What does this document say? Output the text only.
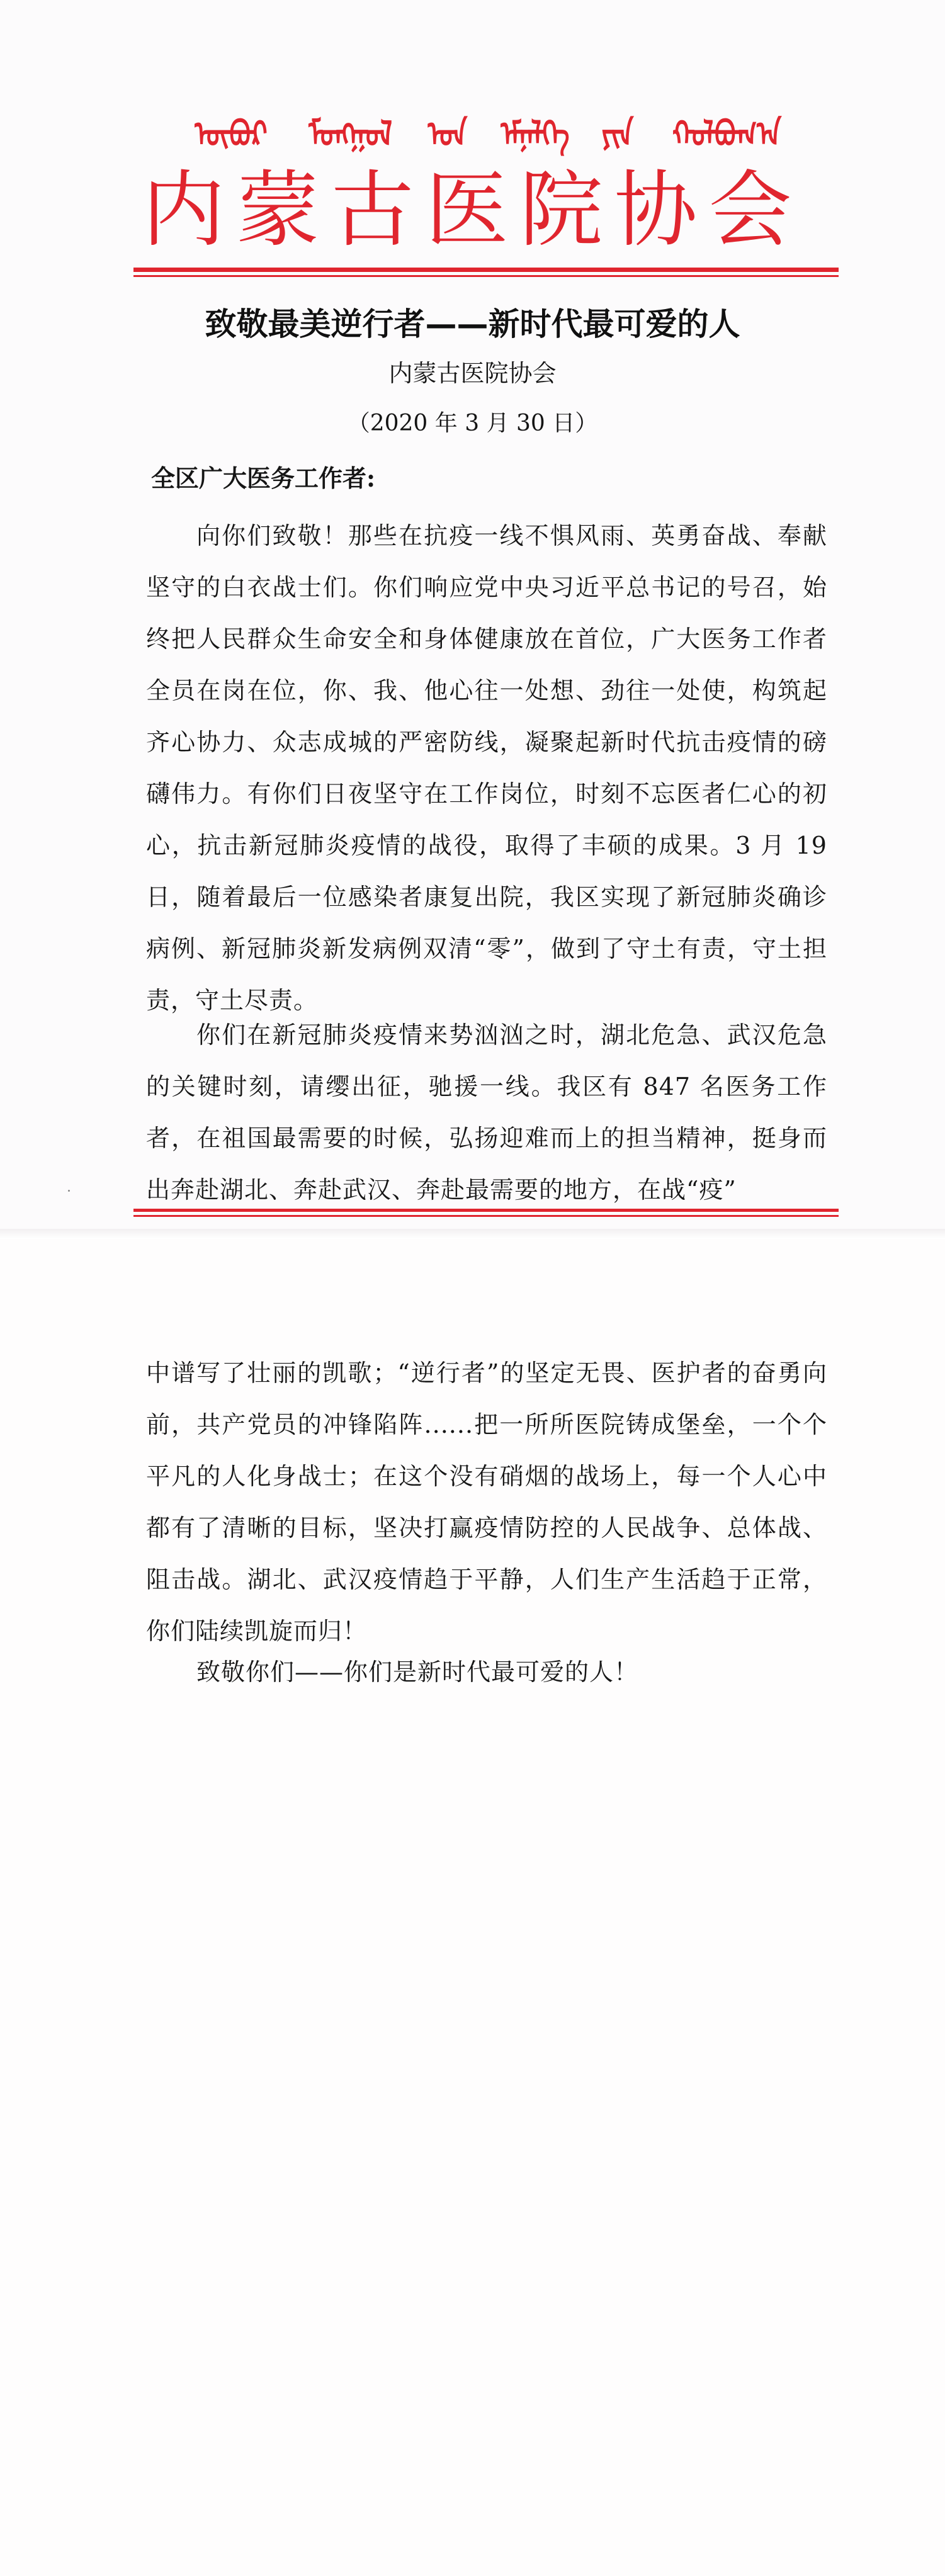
ᠥᠪᠥᠷ ᠮᠣᠩᠭᠣᠯ ᠤᠨ ᠡᠮᠨᠡᠯᠭᠡ ᠶᠢᠨ ᠬᠣᠯᠪᠣᠭ᠎ᠠ
内蒙古医院协会
致敬最美逆行者——新时代最可爱的人
内蒙古医院协会
（2020 年 3 月 30 日）
全区广大医务工作者:

向你们致敬！那些在抗疫一线不惧风雨、英勇奋战、奉献坚守的白衣战士们。你们响应党中央习近平总书记的号召，始终把人民群众生命安全和身体健康放在首位，广大医务工作者全员在岗在位，你、我、他心往一处想、劲往一处使，构筑起齐心协力、众志成城的严密防线，凝聚起新时代抗击疫情的磅礴伟力。有你们日夜坚守在工作岗位，时刻不忘医者仁心的初心，抗击新冠肺炎疫情的战役，取得了丰硕的成果。3 月 19 日，随着最后一位感染者康复出院，我区实现了新冠肺炎确诊病例、新冠肺炎新发病例双清“零”，做到了守土有责，守土担责，守土尽责。

你们在新冠肺炎疫情来势汹汹之时，湖北危急、武汉危急的关键时刻，请缨出征，驰援一线。我区有 847 名医务工作者，在祖国最需要的时候，弘扬迎难而上的担当精神，挺身而出奔赴湖北、奔赴武汉、奔赴最需要的地方，在战“疫”

中谱写了壮丽的凯歌；“逆行者”的坚定无畏、医护者的奋勇向前，共产党员的冲锋陷阵......把一所所医院铸成堡垒，一个个平凡的人化身战士；在这个没有硝烟的战场上，每一个人心中都有了清晰的目标，坚决打赢疫情防控的人民战争、总体战、阻击战。湖北、武汉疫情趋于平静，人们生产生活趋于正常，你们陆续凯旋而归！

致敬你们——你们是新时代最可爱的人！
